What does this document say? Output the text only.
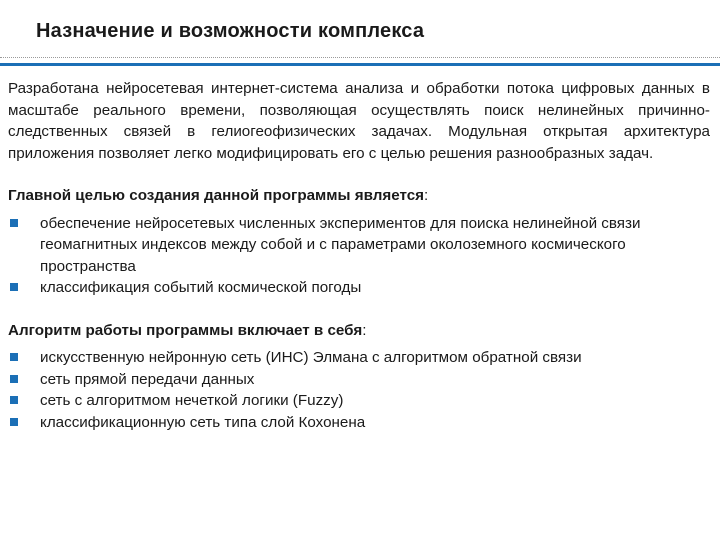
Назначение и возможности комплекса

Разработана нейросетевая интернет-система анализа и обработки потока цифровых данных в масштабе реального времени, позволяющая осуществлять поиск нелинейных причинно-следственных связей в гелиогеофизических задачах. Модульная открытая архитектура приложения позволяет легко модифицировать его с целью решения разнообразных задач.

Главной целью создания данной программы является:
обеспечение нейросетевых численных экспериментов для поиска нелинейной связи геомагнитных индексов между собой и с параметрами околоземного космического пространства
классификация событий космической погоды
Алгоритм работы программы включает в себя:
искусственную нейронную сеть (ИНС) Элмана с алгоритмом обратной связи
сеть прямой передачи данных
сеть с алгоритмом нечеткой логики (Fuzzy)
классификационную сеть типа слой Кохонена
